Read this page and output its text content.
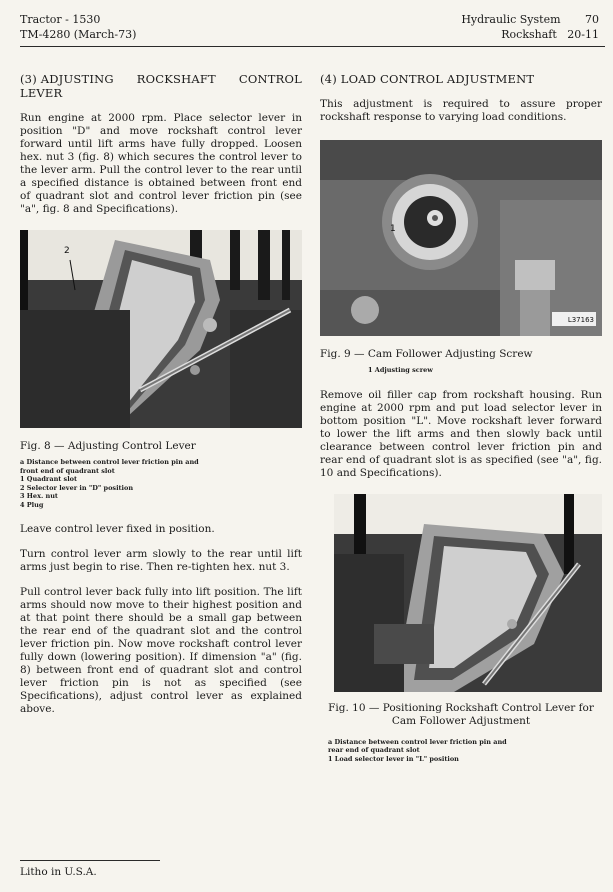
Tractor - 1530
TM-4280 (March-73)
Hydraulic System 70
Rockshaft 20-11
(3) ADJUSTING ROCKSHAFT CONTROL
LEVER

Run engine at 2000 rpm. Place selector lever in position "D" and move rockshaft control lever forward until lift arms have fully dropped. Loosen hex. nut 3 (fig. 8) which secures the control lever to the lever arm. Pull the control lever to the rear until a specified distance is obtained between front end of quadrant slot and control lever friction pin (see "a", fig. 8 and Specifications).

2
Fig. 8 — Adjusting Control Lever
a Distance between control lever friction pin and
front end of quadrant slot
1 Quadrant slot
2 Selector lever in "D" position
3 Hex. nut
4 Plug

Leave control lever fixed in position.

Turn control lever arm slowly to the rear until lift arms just begin to rise. Then re-tighten hex. nut 3.

Pull control lever back fully into lift position. The lift arms should now move to their highest position and at that point there should be a small gap between the rear end of the quadrant slot and the control lever friction pin. Now move rockshaft control lever fully down (lowering position). If dimension "a" (fig. 8) between front end of quadrant slot and control lever friction pin is not as specified (see Specifications), adjust control lever as explained above.

(4) LOAD CONTROL ADJUSTMENT

This adjustment is required to assure proper rockshaft response to varying load conditions.

1
L37163
Fig. 9 — Cam Follower Adjusting Screw
1 Adjusting screw

Remove oil filler cap from rockshaft housing. Run engine at 2000 rpm and put load selector lever in bottom position "L". Move rockshaft lever forward to lower the lift arms and then slowly back until clearance between control lever friction pin and rear end of quadrant slot is as specified (see "a", fig. 10 and Specifications).

Fig. 10 — Positioning Rockshaft Control Lever for
Cam Follower Adjustment
a Distance between control lever friction pin and
rear end of quadrant slot
1 Load selector lever in "L" position
Litho in U.S.A.
